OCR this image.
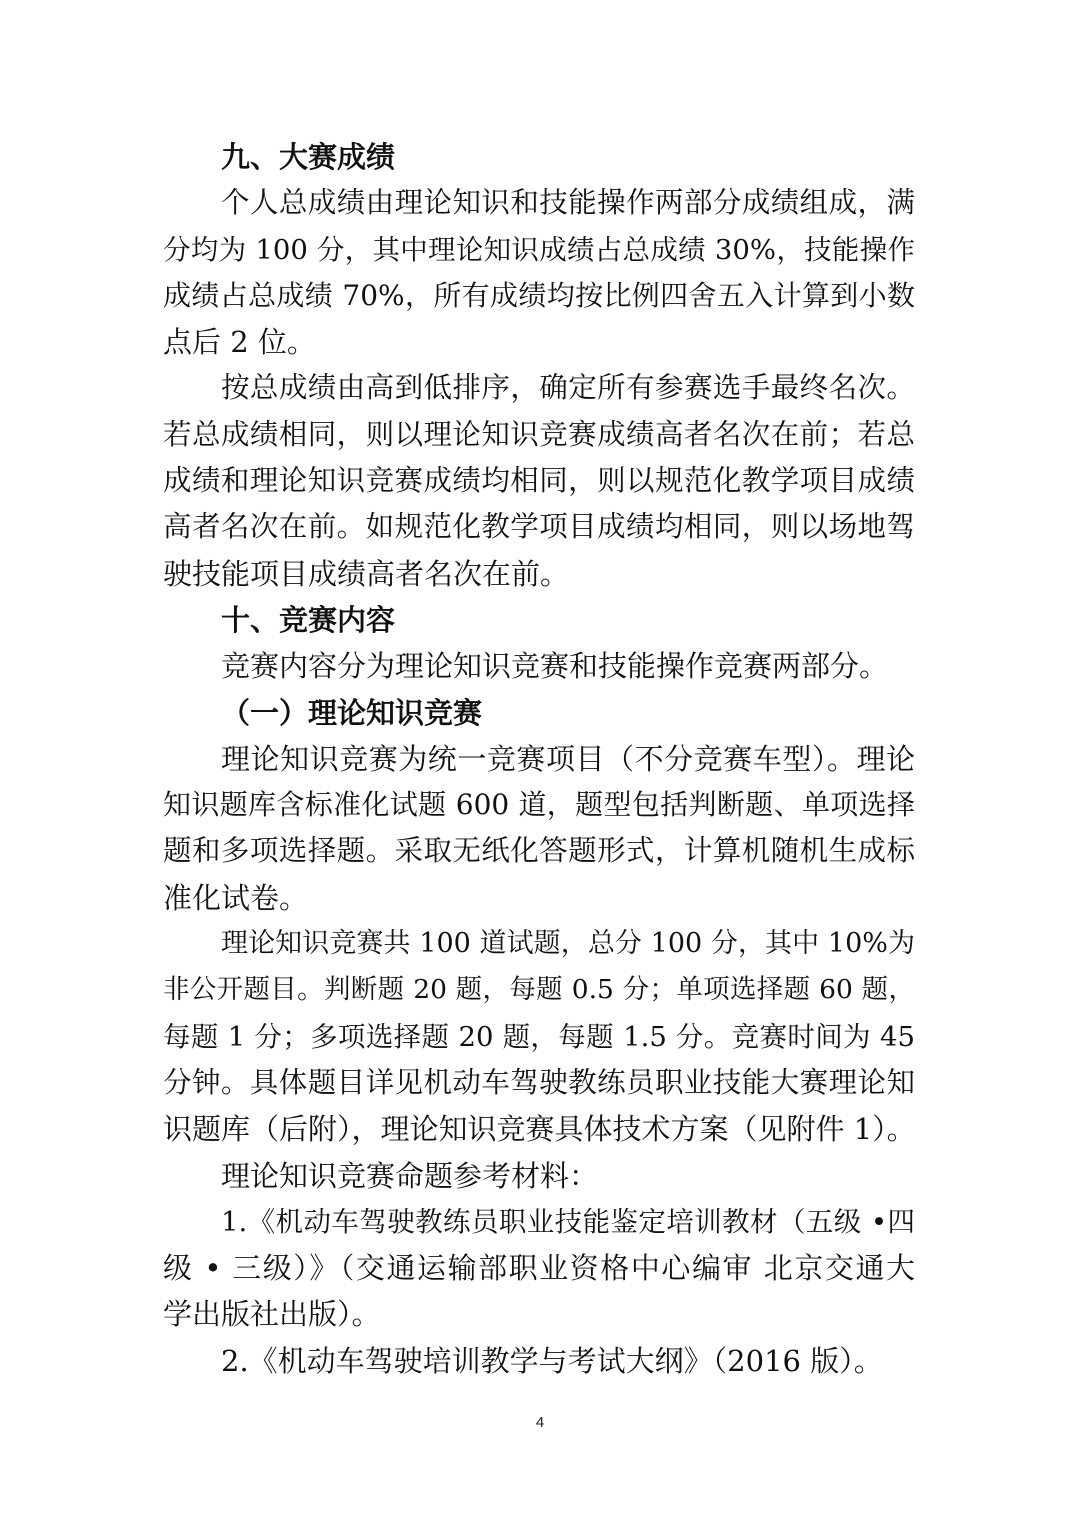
九、大赛成绩
个人总成绩由理论知识和技能操作两部分成绩组成，满
分均为 100 分，其中理论知识成绩占总成绩 30%，技能操作
成绩占总成绩 70%，所有成绩均按比例四舍五入计算到小数
点后 2 位。
按总成绩由高到低排序，确定所有参赛选手最终名次。
若总成绩相同，则以理论知识竞赛成绩高者名次在前；若总
成绩和理论知识竞赛成绩均相同，则以规范化教学项目成绩
高者名次在前。如规范化教学项目成绩均相同，则以场地驾
驶技能项目成绩高者名次在前。
十、竞赛内容
竞赛内容分为理论知识竞赛和技能操作竞赛两部分。
（一）理论知识竞赛
理论知识竞赛为统一竞赛项目（不分竞赛车型）。理论
知识题库含标准化试题 600 道，题型包括判断题、单项选择
题和多项选择题。采取无纸化答题形式，计算机随机生成标
准化试卷。
理论知识竞赛共 100 道试题，总分 100 分，其中 10%为
非公开题目。判断题 20 题，每题 0.5 分；单项选择题 60 题，
每题 1 分；多项选择题 20 题，每题 1.5 分。竞赛时间为 45
分钟。具体题目详见机动车驾驶教练员职业技能大赛理论知
识题库（后附），理论知识竞赛具体技术方案（见附件 1）。
理论知识竞赛命题参考材料：
1.《机动车驾驶教练员职业技能鉴定培训教材（五级 •四
级 • 三级）》（交通运输部职业资格中心编审 北京交通大
学出版社出版）。
2.《机动车驾驶培训教学与考试大纲》（2016 版）。
4
